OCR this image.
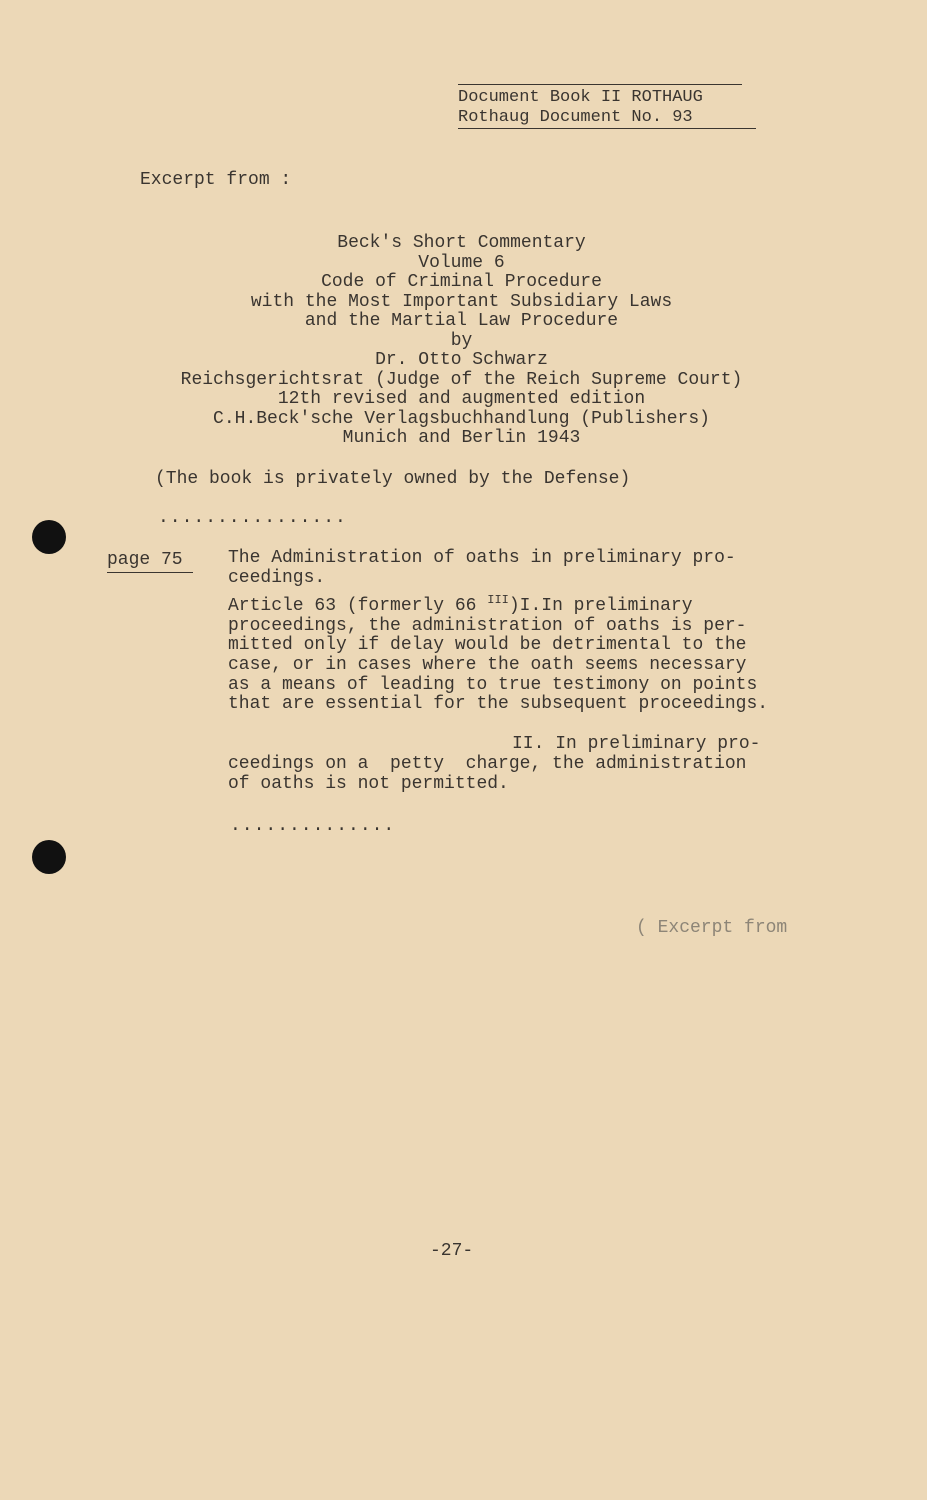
Document Book II ROTHAUG
Rothaug Document No. 93
Excerpt from :
Beck's Short Commentary
Volume 6
Code of Criminal Procedure
with the Most Important Subsidiary Laws
and the Martial Law Procedure
by
Dr. Otto Schwarz
Reichsgerichtsrat (Judge of the Reich Supreme Court)
12th revised and augmented edition
C.H.Beck'sche Verlagsbuchhandlung (Publishers)
Munich and Berlin 1943
(The book is privately owned by the Defense)
................
page 75	The Administration of oaths in preliminary pro-
ceedings.
Article 63 (formerly 66 $^{III}$)I.In preliminary
proceedings, the administration of oaths is per-
mitted only if delay would be detrimental to the
case, or in cases where the oath seems necessary
as a means of leading to true testimony on points
that are essential for the subsequent proceedings.
II. In preliminary pro-
ceedings on a  petty  charge, the administration
of oaths is not permitted.
..............
( Excerpt from
-27-
